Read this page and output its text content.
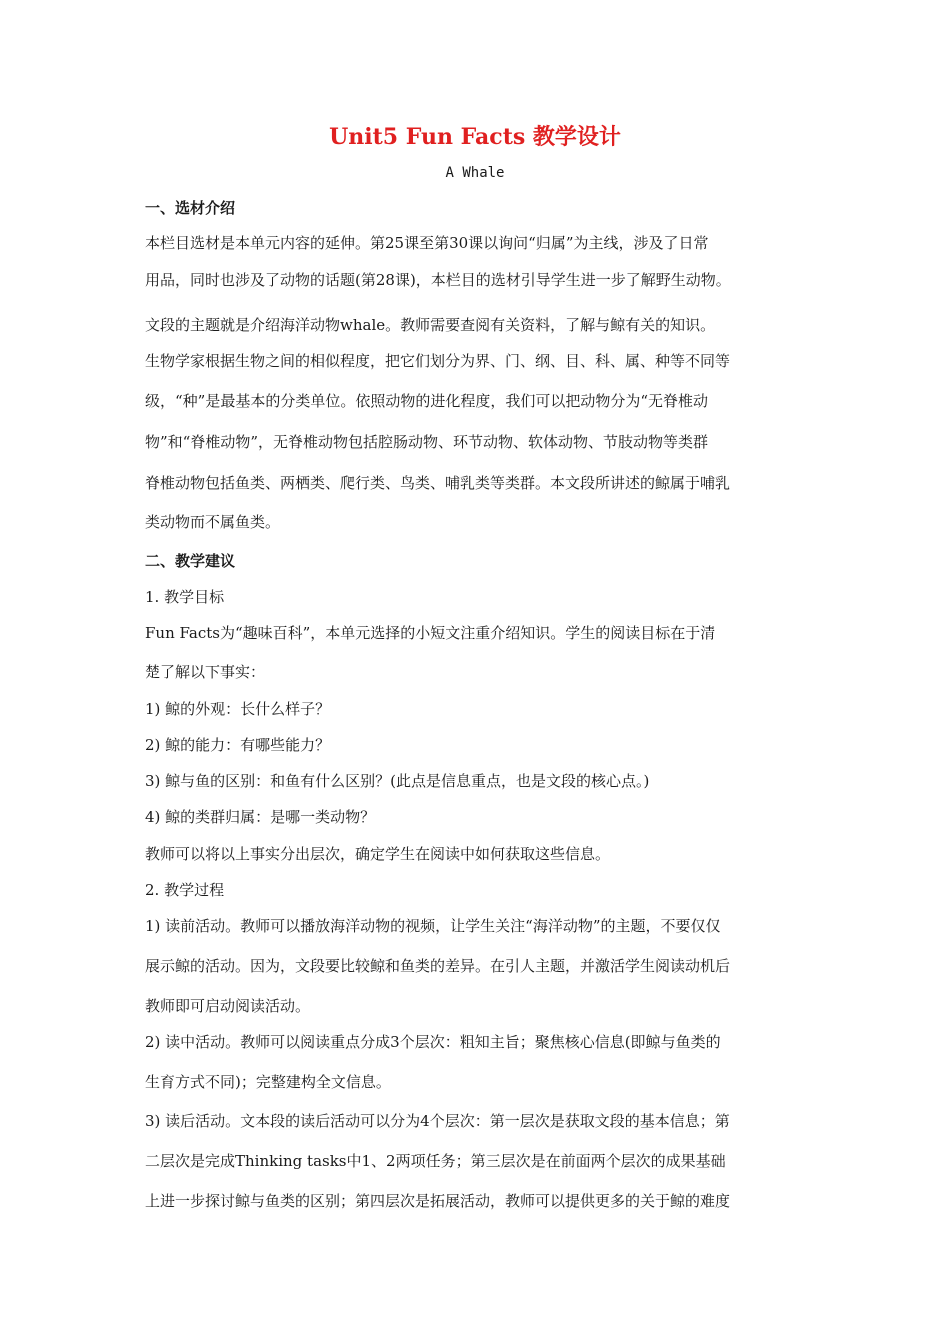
Unit5 Fun Facts 教学设计
A Whale
一、选材介绍
本栏目选材是本单元内容的延伸。第25课至第30课以询问“归属”为主线，涉及了日常
用品，同时也涉及了动物的话题(第28课)，本栏目的选材引导学生进一步了解野生动物。
文段的主题就是介绍海洋动物whale。教师需要查阅有关资料，了解与鲸有关的知识。
生物学家根据生物之间的相似程度，把它们划分为界、门、纲、目、科、属、种等不同等
级，“种”是最基本的分类单位。依照动物的进化程度，我们可以把动物分为“无脊椎动
物”和“脊椎动物”，无脊椎动物包括腔肠动物、环节动物、软体动物、节肢动物等类群
脊椎动物包括鱼类、两栖类、爬行类、鸟类、哺乳类等类群。本文段所讲述的鲸属于哺乳
类动物而不属鱼类。
二、教学建议
1. 教学目标
Fun Facts为“趣味百科”，本单元选择的小短文注重介绍知识。学生的阅读目标在于清
楚了解以下事实：
1) 鲸的外观：长什么样子？
2) 鲸的能力：有哪些能力？
3) 鲸与鱼的区别：和鱼有什么区别？(此点是信息重点，也是文段的核心点。)
4) 鲸的类群归属：是哪一类动物？
教师可以将以上事实分出层次，确定学生在阅读中如何获取这些信息。
2. 教学过程
1) 读前活动。教师可以播放海洋动物的视频，让学生关注“海洋动物”的主题，不要仅仅
展示鲸的活动。因为，文段要比较鲸和鱼类的差异。在引人主题，并激活学生阅读动机后
教师即可启动阅读活动。
2) 读中活动。教师可以阅读重点分成3个层次：粗知主旨；聚焦核心信息(即鲸与鱼类的
生育方式不同)；完整建构全文信息。
3) 读后活动。文本段的读后活动可以分为4个层次：第一层次是获取文段的基本信息；第
二层次是完成Thinking tasks中1、2两项任务；第三层次是在前面两个层次的成果基础
上进一步探讨鲸与鱼类的区别；第四层次是拓展活动，教师可以提供更多的关于鲸的难度
